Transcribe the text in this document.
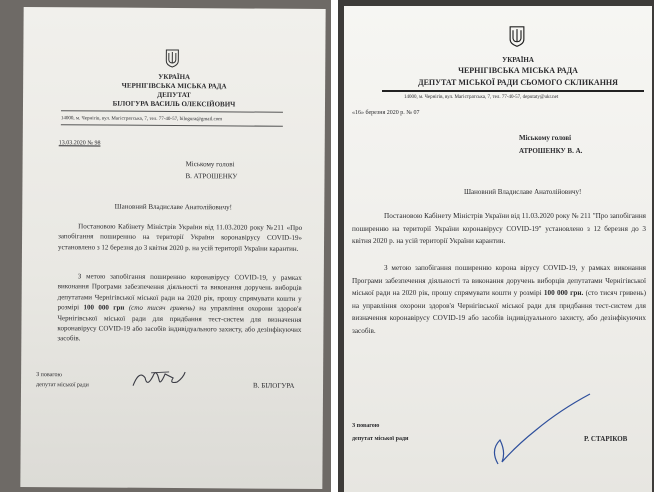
УКРАЇНА
ЧЕРНІГІВСЬКА МІСЬКА РАДА
ДЕПУТАТ
БІЛОГУРА ВАСИЛЬ ОЛЕКСІЙОВИЧ
14000, м. Чернігів, вул. Магістратська, 7, тел. 77-40-57, bilogura@gmail.com
13.03.2020 № 98
Міському голові
В. АТРОШЕНКУ
Шановний Владиславе Анатолійовичу!
Постановою Кабінету Міністрів України від 11.03.2020 року №211 «Про запобігання поширенню на території України коронавірусу COVID-19» установлено з 12 березня до 3 квітня 2020 р. на усій території України карантин.
З метою запобігання поширенню коронавірусу COVID-19, у рамках виконання Програми забезпечення діяльності та виконання доручень виборців депутатами Чернігівської міської ради на 2020 рік, прошу спрямувати кошти у розмірі 100 000 грн (сто тисяч гривень) на управління охорони здоров'я Чернігівської міської ради для придбання тест-систем для визначення коронавірусу COVID-19 або засобів індивідуального захисту, або дезінфікуючих засобів.
З повагою
депутат міської ради	В. БІЛОГУРА
УКРАЇНА
ЧЕРНІГІВСЬКА МІСЬКА РАДА
ДЕПУТАТ МІСЬКОЇ РАДИ СЬОМОГО СКЛИКАННЯ
14000, м. Чернігів, вул. Магістратська, 7, тел. 77-40-57, deputaty@ukr.net
«16» березня 2020 р. № 07
Міському голові
АТРОШЕНКУ В. А.
Шановний Владиславе Анатолійовичу!
Постановою Кабінету Міністрів України від 11.03.2020 року № 211 "Про запобігання поширенню на території України коронавірусу COVID-19" установлено з 12 березня до 3 квітня 2020 р. на усій території України карантин.
З метою запобігання поширенню корона вірусу COVID-19, у рамках виконання Програми забезпечення діяльності та виконання доручень виборців депутатами Чернігівської міської ради на 2020 рік, прошу спрямувати кошти у розмірі 100 000 грн. (сто тисяч гривень) на управління охорони здоров'я Чернігівської міської ради для придбання тест-систем для визначення коронавірусу COVID-19 або засобів індивідуального захисту, або дезінфікуючих засобів.
З повагою
депутат міської ради	Р. СТАРІКОВ
